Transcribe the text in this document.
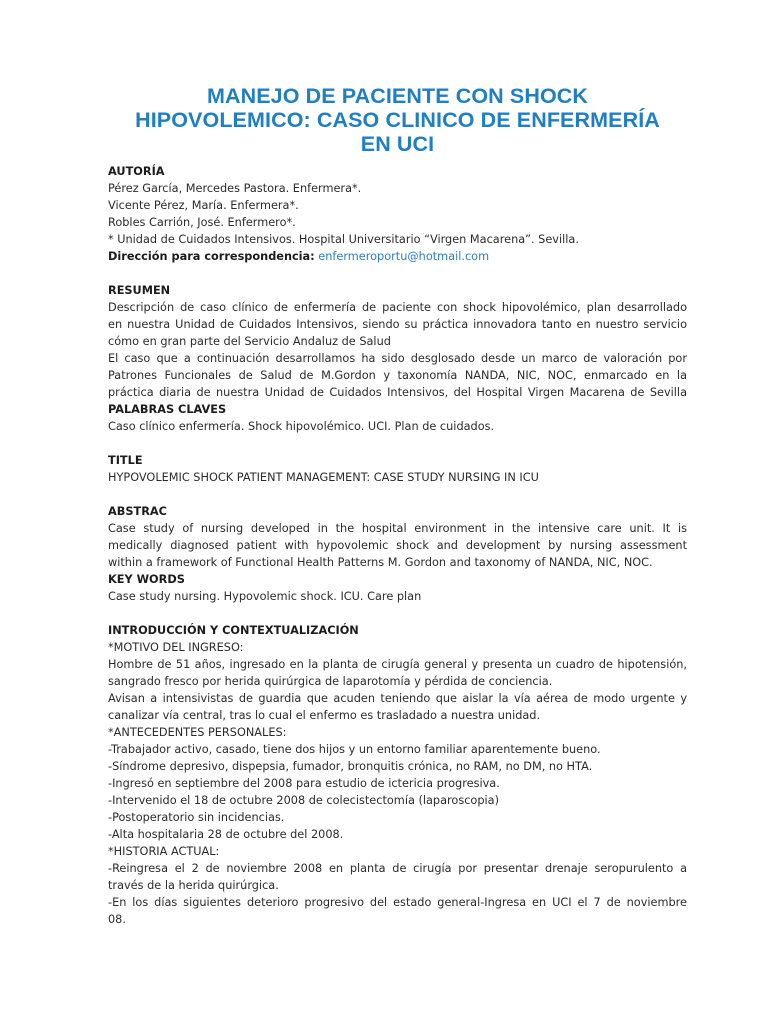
MANEJO DE PACIENTE CON SHOCK
HIPOVOLEMICO: CASO CLINICO DE ENFERMERÍA
EN UCI

AUTORÍA

Pérez García, Mercedes Pastora. Enfermera*.
Vicente Pérez, María. Enfermera*.
Robles Carrión, José. Enfermero*.
* Unidad de Cuidados Intensivos. Hospital Universitario “Virgen Macarena”. Sevilla.
Dirección para correspondencia: enfermeroportu@hotmail.com

RESUMEN

Descripción de caso clínico de enfermería de paciente con shock hipovolémico, plan desarrollado
en nuestra Unidad de Cuidados Intensivos, siendo su práctica innovadora tanto en nuestro servicio
cómo en gran parte del Servicio Andaluz de Salud
El caso que a continuación desarrollamos ha sido desglosado desde un marco de valoración por
Patrones Funcionales de Salud de M.Gordon y taxonomía NANDA, NIC, NOC, enmarcado en la
práctica diaria de nuestra Unidad de Cuidados Intensivos, del Hospital Virgen Macarena de Sevilla

PALABRAS CLAVES

Caso clínico enfermería. Shock hipovolémico. UCI. Plan de cuidados.

TITLE

HYPOVOLEMIC SHOCK PATIENT MANAGEMENT: CASE STUDY NURSING IN ICU

ABSTRAC

Case study of nursing developed in the hospital environment in the intensive care unit. It is
medically diagnosed patient with hypovolemic shock and development by nursing assessment
within a framework of Functional Health Patterns M. Gordon and taxonomy of NANDA, NIC, NOC.

KEY WORDS

Case study nursing. Hypovolemic shock. ICU. Care plan

INTRODUCCIÓN Y CONTEXTUALIZACIÓN

*MOTIVO DEL INGRESO:
Hombre de 51 años, ingresado en la planta de cirugía general y presenta un cuadro de hipotensión,
sangrado fresco por herida quirúrgica de laparotomía y pérdida de conciencia.
Avisan a intensivistas de guardia que acuden teniendo que aislar la vía aérea de modo urgente y
canalizar vía central, tras lo cual el enfermo es trasladado a nuestra unidad.
*ANTECEDENTES PERSONALES:
-Trabajador activo, casado, tiene dos hijos y un entorno familiar aparentemente bueno.
-Síndrome depresivo, dispepsia, fumador, bronquitis crónica, no RAM, no DM, no HTA.
-Ingresó en septiembre del 2008 para estudio de ictericia progresiva.
-Intervenido el 18 de octubre 2008 de colecistectomía (laparoscopia)
-Postoperatorio sin incidencias.
-Alta hospitalaria 28 de octubre del 2008.
*HISTORIA ACTUAL:
-Reingresa el 2 de noviembre 2008 en planta de cirugía por presentar drenaje seropurulento a
través de la herida quirúrgica.
-En los días siguientes deterioro progresivo del estado general-Ingresa en UCI el 7 de noviembre
08.
